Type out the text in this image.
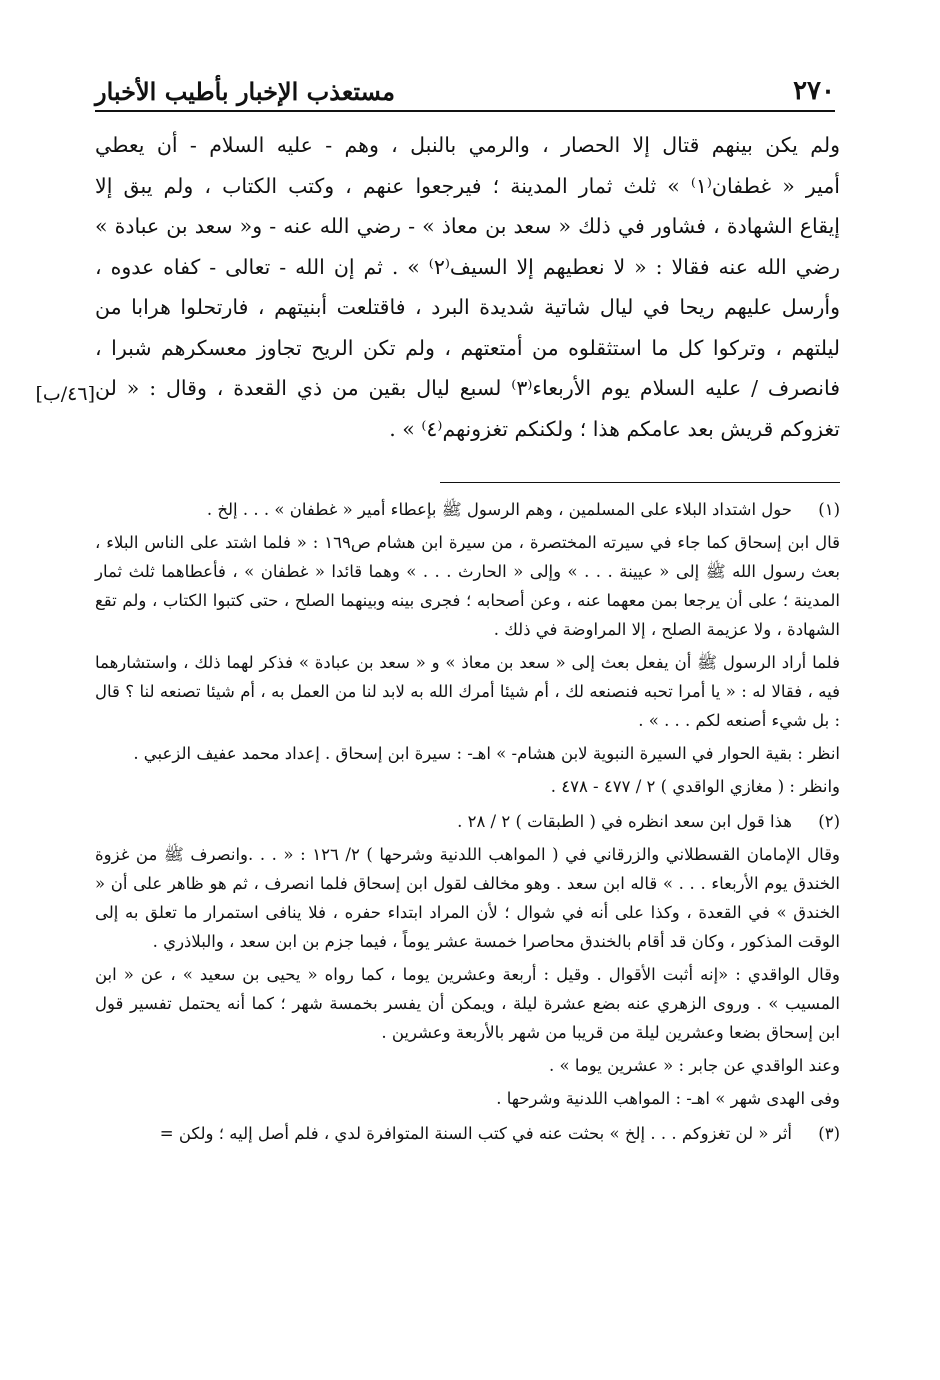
٢٧٠
مستعذب الإخبار بأطيب الأخبار

ولم يكن بينهم قتال إلا الحصار ، والرمي بالنبل ، وهم - عليه السلام - أن يعطي
أمير « غطفان⁽١⁾ » ثلث ثمار المدينة ؛ فيرجعوا عنهم ، وكتب الكتاب ، ولم يبق إلا
إيقاع الشهادة ، فشاور في ذلك « سعد بن معاذ » - رضي الله عنه - و« سعد بن عبادة »
رضي الله عنه فقالا : « لا نعطيهم إلا السيف⁽٢⁾ » . ثم إن الله - تعالى - كفاه عدوه ،
وأرسل عليهم ريحا في ليال شاتية شديدة البرد ، فاقتلعت أبنيتهم ، فارتحلوا هرابا من
ليلتهم ، وتركوا كل ما استثقلوه من أمتعتهم ، ولم تكن الريح تجاوز معسكرهم شبرا ،
فانصرف / عليه السلام يوم الأربعاء⁽٣⁾ لسبع ليال بقين من ذي القعدة ، وقال : « لن
تغزوكم قريش بعد عامكم هذا ؛ ولكنكم تغزونهم⁽٤⁾ » .

[٤٦/ب]
(١)

حول اشتداد البلاء على المسلمين ، وهم الرسول ﷺ بإعطاء أمير « غطفان » . . . إلخ .

قال ابن إسحاق كما جاء في سيرته المختصرة ، من سيرة ابن هشام ص١٦٩ : « فلما اشتد على الناس البلاء ، بعث رسول الله ﷺ إلى « عيينة . . . » وإلى « الحارث . . . » وهما قائدا « غطفان » ، فأعطاهما ثلث ثمار المدينة ؛ على أن يرجعا بمن معهما عنه ، وعن أصحابه ؛ فجرى بينه وبينهما الصلح ، حتى كتبوا الكتاب ، ولم تقع الشهادة ، ولا عزيمة الصلح ، إلا المراوضة في ذلك .

فلما أراد الرسول ﷺ أن يفعل بعث إلى « سعد بن معاذ » و « سعد بن عبادة » فذكر لهما ذلك ، واستشارهما فيه ، فقالا له : « يا أمرا تحبه فنصنعه لك ، أم شيئا أمرك الله به لابد لنا من العمل به ، أم شيئا تصنعه لنا ؟ قال : بل شيء أصنعه لكم . . . » .

انظر : بقية الحوار في السيرة النبوية لابن هشام- » اهـ- : سيرة ابن إسحاق . إعداد محمد عفيف الزعبي .

وانظر : ( مغازي الواقدي ) ٢ / ٤٧٧ - ٤٧٨ .

(٢)

هذا قول ابن سعد انظره في ( الطبقات ) ٢ / ٢٨ .

وقال الإمامان القسطلاني والزرقاني في ( المواهب اللدنية وشرحها ) ٢/ ١٢٦ : « . . .وانصرف ﷺ من غزوة الخندق يوم الأربعاء . . . » قاله ابن سعد . وهو مخالف لقول ابن إسحاق فلما انصرف ، ثم هو ظاهر على أن « الخندق » في القعدة ، وكذا على أنه في شوال ؛ لأن المراد ابتداء حفره ، فلا ينافى استمرار ما تعلق به إلى الوقت المذكور ، وكان قد أقام بالخندق محاصرا خمسة عشر يوماً ، فيما جزم بن ابن سعد ، والبلاذري .

وقال الواقدي : «إنه أثبت الأقوال . وقيل : أربعة وعشرين يوما ، كما رواه « يحيى بن سعيد » ، عن « ابن المسيب » . وروى الزهري عنه بضع عشرة ليلة ، ويمكن أن يفسر بخمسة شهر ؛ كما أنه يحتمل تفسير قول ابن إسحاق بضعا وعشرين ليلة من قريبا من شهر بالأربعة وعشرين .

وعند الواقدي عن جابر : « عشرين يوما » .

وفى الهدى شهر » اهـ- : المواهب اللدنية وشرحها .

(٣)

أثر « لن تغزوكم . . . إلخ » بحثت عنه في كتب السنة المتوافرة لدي ، فلم أصل إليه ؛ ولكن =
